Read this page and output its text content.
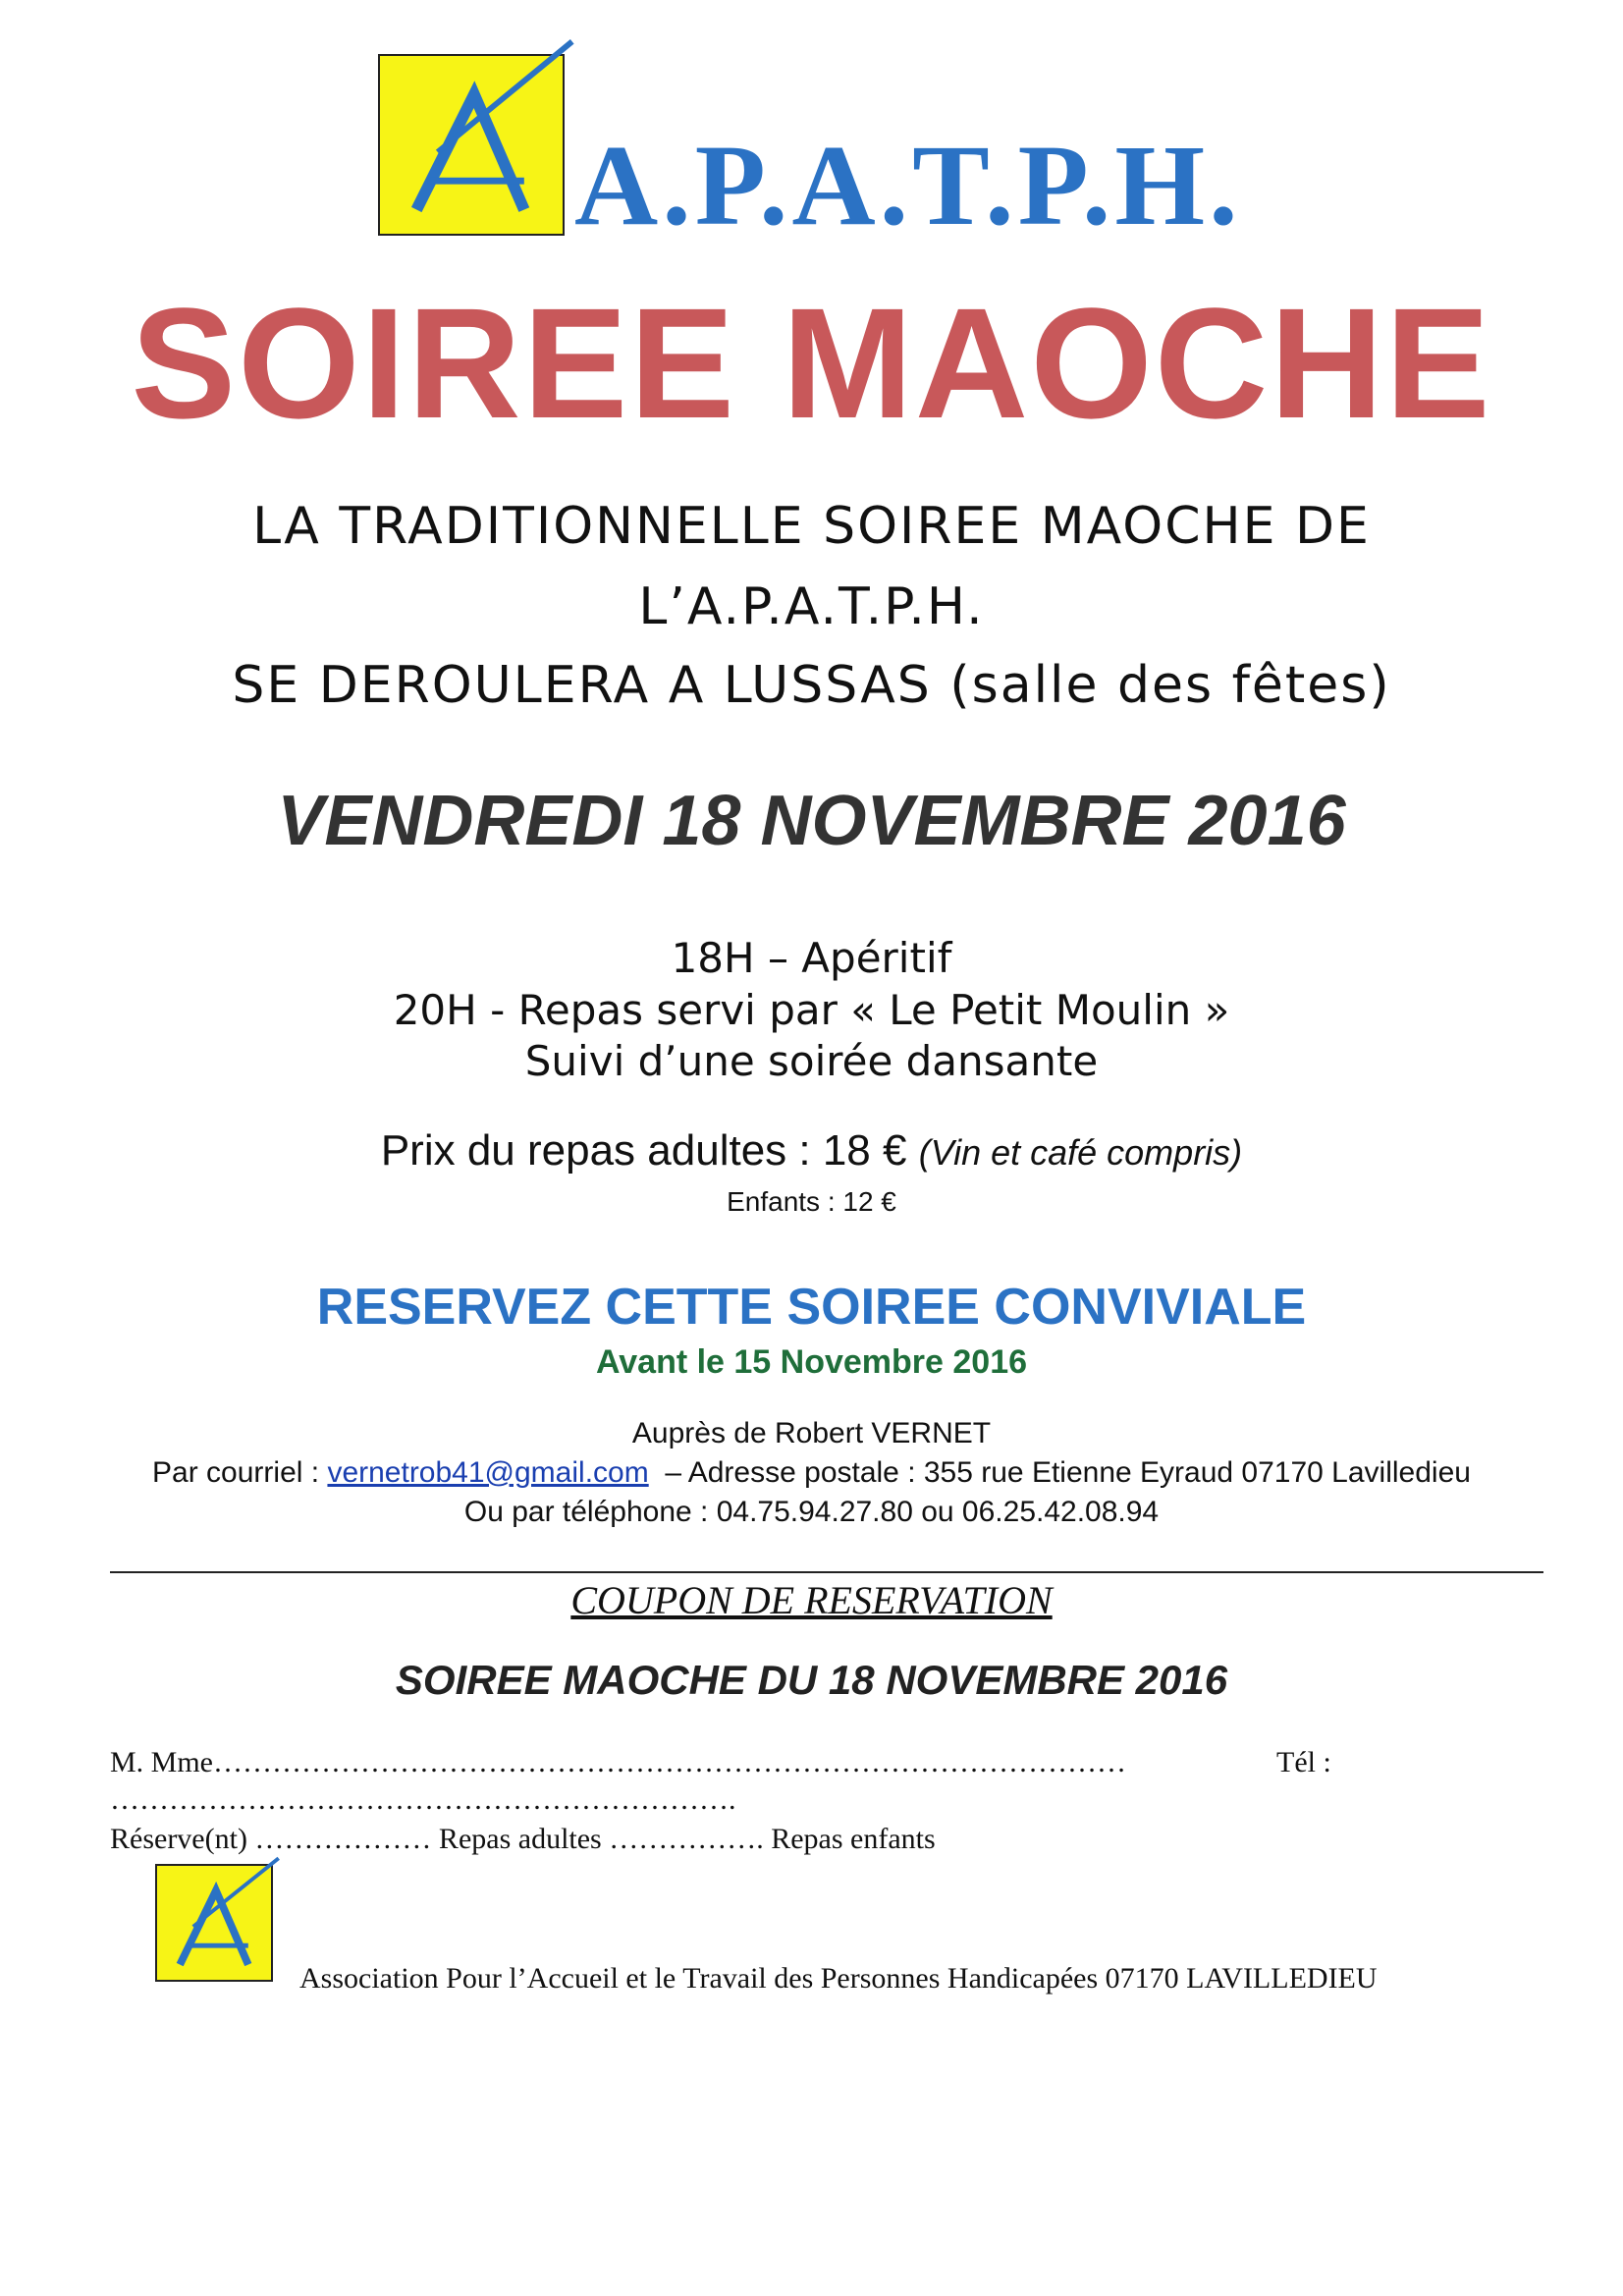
A.P.A.T.P.H.
SOIREE MAOCHE
LA TRADITIONNELLE SOIREE MAOCHE DE
L’A.P.A.T.P.H.
SE DEROULERA A LUSSAS (salle des fêtes)
VENDREDI 18 NOVEMBRE 2016
18H – Apéritif
20H - Repas servi par « Le Petit Moulin »
Suivi d’une soirée dansante
Prix du repas adultes : 18 € (Vin et café compris)
Enfants : 12 €
RESERVEZ CETTE SOIREE CONVIVIALE
Avant le 15 Novembre 2016
Auprès de Robert VERNET
Par courriel : vernetrob41@gmail.com – Adresse postale : 355 rue Etienne Eyraud 07170 Lavilledieu
Ou par téléphone : 04.75.94.27.80 ou 06.25.42.08.94
COUPON DE RESERVATION
SOIREE MAOCHE DU 18 NOVEMBRE 2016
M. Mme…………………………………………………………………………………	Tél :
……………………………………………………….
Réserve(nt) ……………… Repas adultes ……………. Repas enfants
Association Pour l’Accueil et le Travail des Personnes Handicapées 07170 LAVILLEDIEU
